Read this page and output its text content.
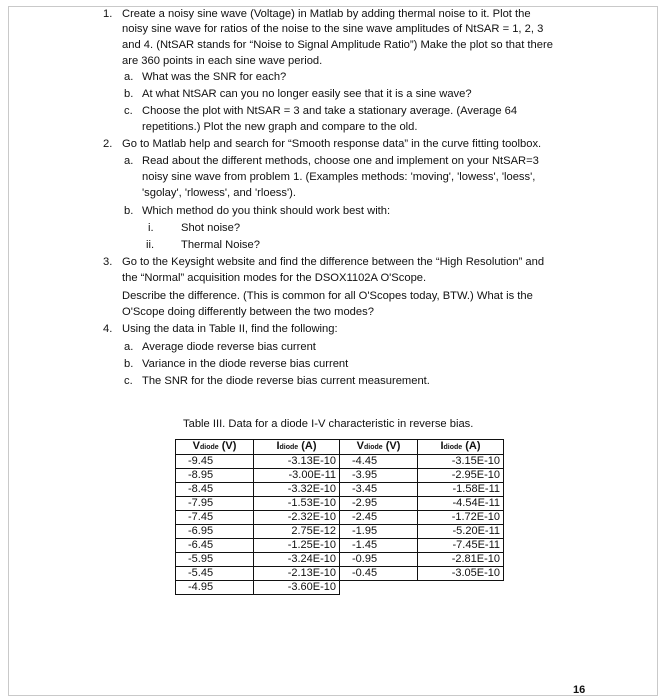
1. Create a noisy sine wave (Voltage) in Matlab by adding thermal noise to it. Plot the
noisy sine wave for ratios of the noise to the sine wave amplitudes of NtSAR = 1, 2, 3
and 4. (NtSAR stands for “Noise to Signal Amplitude Ratio”) Make the plot so that there
are 360 points in each sine wave period.
a. What was the SNR for each?
b. At what NtSAR can you no longer easily see that it is a sine wave?
c. Choose the plot with NtSAR = 3 and take a stationary average. (Average 64
repetitions.) Plot the new graph and compare to the old.
2. Go to Matlab help and search for “Smooth response data” in the curve fitting toolbox.
a. Read about the different methods, choose one and implement on your NtSAR=3
noisy sine wave from problem 1. (Examples methods: 'moving', 'lowess', 'loess',
'sgolay', 'rlowess', and 'rloess').
b. Which method do you think should work best with:
i. Shot noise?
ii. Thermal Noise?
3. Go to the Keysight website and find the difference between the “High Resolution” and
the “Normal” acquisition modes for the DSOX1102A O'Scope.
Describe the difference. (This is common for all O'Scopes today, BTW.) What is the
O'Scope doing differently between the two modes?
4. Using the data in Table II, find the following:
a. Average diode reverse bias current
b. Variance in the diode reverse bias current
c. The SNR for the diode reverse bias current measurement.
Table III. Data for a diode I-V characteristic in reverse bias.
Vdiode (V)	Idiode (A)	Vdiode (V)	Idiode (A)
-9.45	-3.13E-10	-4.45	-3.15E-10
-8.95	-3.00E-11	-3.95	-2.95E-10
-8.45	-3.32E-10	-3.45	-1.58E-11
-7.95	-1.53E-10	-2.95	-4.54E-11
-7.45	-2.32E-10	-2.45	-1.72E-10
-6.95	2.75E-12	-1.95	-5.20E-11
-6.45	-1.25E-10	-1.45	-7.45E-11
-5.95	-3.24E-10	-0.95	-2.81E-10
-5.45	-2.13E-10	-0.45	-3.05E-10
-4.95	-3.60E-10		
16
